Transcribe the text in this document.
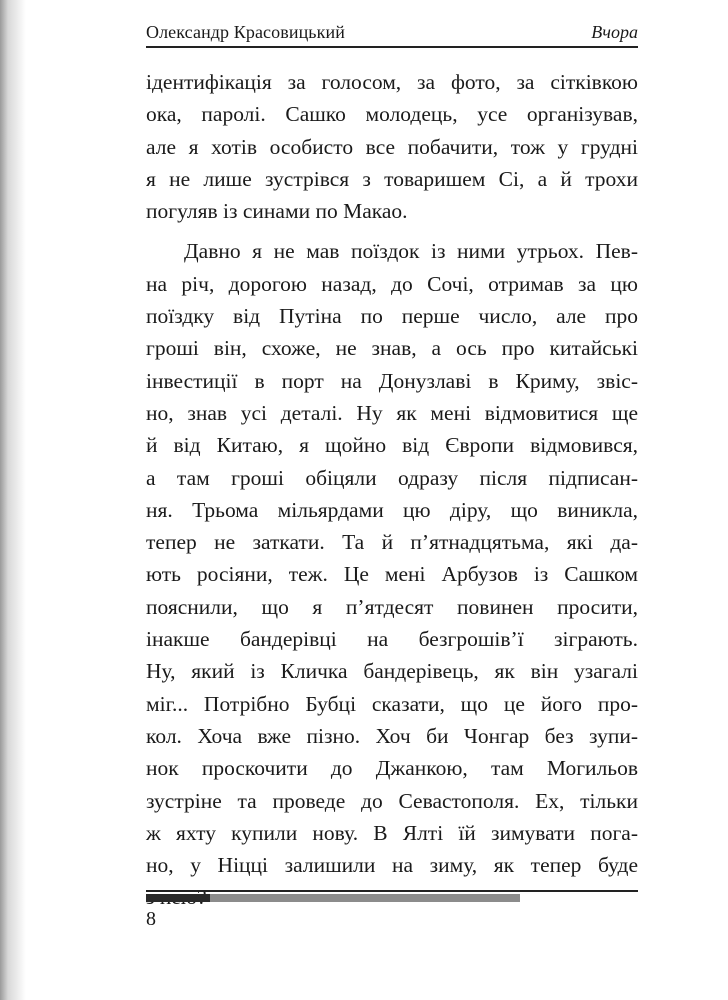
Олександр Красовицький	Вчора
ідентифікація за голосом, за фото, за сітківкою
ока, паролі. Сашко молодець, усе організував,
але я хотів особисто все побачити, тож у грудні
я не лише зустрівся з товаришем Сі, а й трохи
погуляв із синами по Макао.
Давно я не мав поїздок із ними утрьох. Пев-
на річ, дорогою назад, до Сочі, отримав за цю
поїздку від Путіна по перше число, але про
гроші він, схоже, не знав, а ось про китайські
інвестиції в порт на Донузлаві в Криму, звіс-
но, знав усі деталі. Ну як мені відмовитися ще
й від Китаю, я щойно від Європи відмовився,
а там гроші обіцяли одразу після підписан-
ня. Трьома мільярдами цю діру, що виникла,
тепер не заткати. Та й п’ятнадцятьма, які да-
ють росіяни, теж. Це мені Арбузов із Сашком
пояснили, що я п’ятдесят повинен просити,
інакше бандерівці на безгрошів’ї зіграють.
Ну, який із Кличка бандерівець, як він узагалі
міг... Потрібно Бубці сказати, що це його про-
кол. Хоча вже пізно. Хоч би Чонгар без зупи-
нок проскочити до Джанкою, там Могильов
зустріне та проведе до Севастополя. Ех, тільки
ж яхту купили нову. В Ялті їй зимувати пога-
но, у Ніцці залишили на зиму, як тепер буде
8
